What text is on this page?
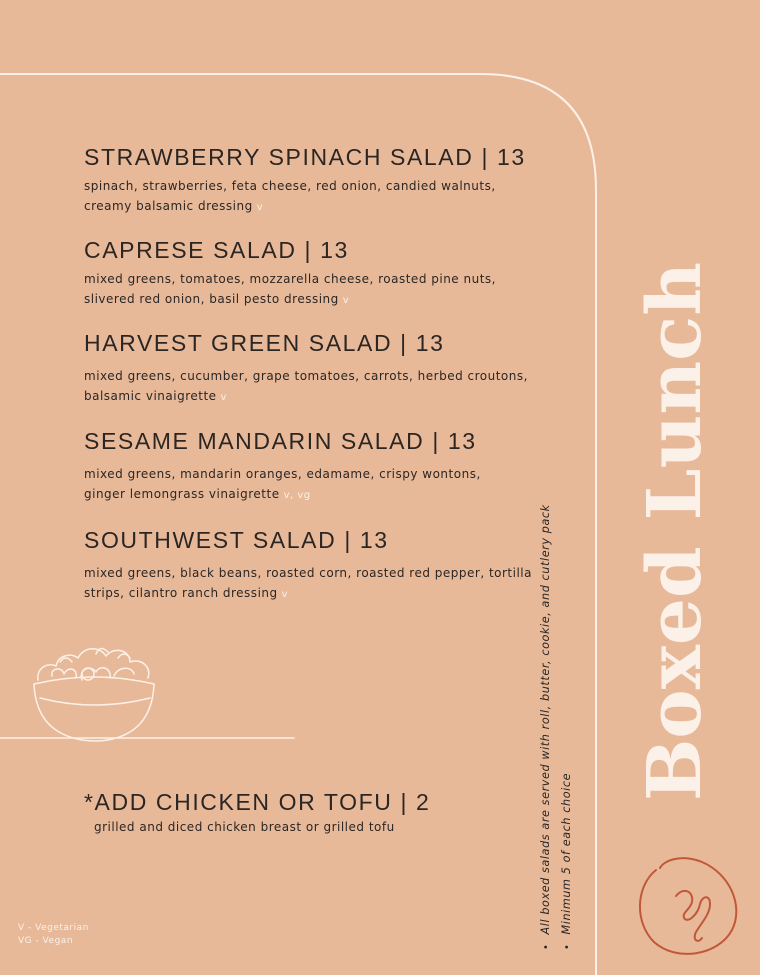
STRAWBERRY SPINACH SALAD | 13
spinach, strawberries, feta cheese, red onion, candied walnuts,
creamy balsamic dressing v
CAPRESE SALAD | 13
mixed greens, tomatoes, mozzarella cheese, roasted pine nuts,
slivered red onion, basil pesto dressing v
HARVEST GREEN SALAD | 13
mixed greens, cucumber, grape tomatoes, carrots, herbed croutons,
balsamic vinaigrette v
SESAME MANDARIN SALAD | 13
mixed greens, mandarin oranges, edamame, crispy wontons,
ginger lemongrass vinaigrette v, vg
SOUTHWEST SALAD | 13
mixed greens, black beans, roasted corn, roasted red pepper, tortilla
strips, cilantro ranch dressing v
*ADD CHICKEN OR TOFU | 2
grilled and diced chicken breast or grilled tofu
V - Vegetarian
VG - Vegan
• All boxed salads are served with roll, butter, cookie, and cutlery pack
• Minimum 5 of each choice
Boxed Lunch
